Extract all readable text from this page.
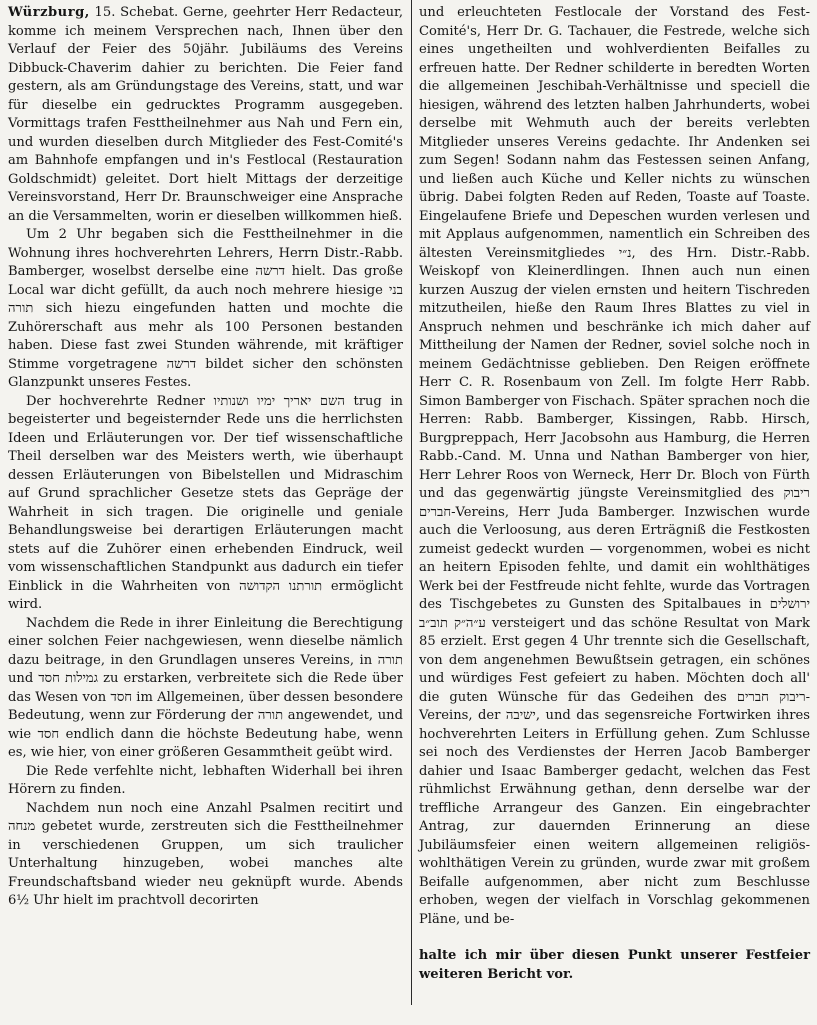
Würzburg, 15. Schebat. Gerne, geehrter Herr Redacteur, komme ich meinem Versprechen nach, Ihnen über den Verlauf der Feier des 50jähr. Jubiläums des Vereins Dibbuck-Chaverim dahier zu berichten. Die Feier fand gestern, als am Gründungstage des Vereins, statt, und war für dieselbe ein gedrucktes Programm ausgegeben. Vormittags trafen Festtheilnehmer aus Nah und Fern ein, und wurden dieselben durch Mitglieder des Fest-Comité's am Bahnhofe empfangen und in's Festlocal (Restauration Goldschmidt) geleitet. Dort hielt Mittags der derzeitige Vereinsvorstand, Herr Dr. Braunschweiger eine Ansprache an die Versammelten, worin er dieselben willkommen hieß.

Um 2 Uhr begaben sich die Festtheilnehmer in die Wohnung ihres hochverehrten Lehrers, Herrn Distr.-Rabb. Bamberger, woselbst derselbe eine דרשה hielt. Das große Local war dicht gefüllt, da auch noch mehrere hiesige בני תורה sich hiezu eingefunden hatten und mochte die Zuhörerschaft aus mehr als 100 Personen bestanden haben. Diese fast zwei Stunden währende, mit kräftiger Stimme vorgetragene דרשה bildet sicher den schönsten Glanzpunkt unseres Festes.

Der hochverehrte Redner השם יאריך ימיו ושנותיו trug in begeisterter und begeisternder Rede uns die herrlichsten Ideen und Erläuterungen vor. Der tief wissenschaftliche Theil derselben war des Meisters werth, wie überhaupt dessen Erläuterungen von Bibelstellen und Midraschim auf Grund sprachlicher Gesetze stets das Gepräge der Wahrheit in sich tragen. Die originelle und geniale Behandlungsweise bei derartigen Erläuterungen macht stets auf die Zuhörer einen erhebenden Eindruck, weil vom wissenschaftlichen Standpunkt aus dadurch ein tiefer Einblick in die Wahrheiten von תורתנו הקדושה ermöglicht wird.

Nachdem die Rede in ihrer Einleitung die Berechtigung einer solchen Feier nachgewiesen, wenn dieselbe nämlich dazu beitrage, in den Grundlagen unseres Vereins, in תורה und גמילות חסד zu erstarken, verbreitete sich die Rede über das Wesen von חסד im Allgemeinen, über dessen besondere Bedeutung, wenn zur Förderung der תורה angewendet, und wie חסד endlich dann die höchste Bedeutung habe, wenn es, wie hier, von einer größeren Gesammtheit geübt wird.

Die Rede verfehlte nicht, lebhaften Widerhall bei ihren Hörern zu finden.

Nachdem nun noch eine Anzahl Psalmen recitirt und מנחה gebetet wurde, zerstreuten sich die Festtheilnehmer in verschiedenen Gruppen, um sich traulicher Unterhaltung hinzugeben, wobei manches alte Freundschaftsband wieder neu geknüpft wurde. Abends 6½ Uhr hielt im prachtvoll decorirten

und erleuchteten Festlocale der Vorstand des Fest-Comité's, Herr Dr. G. Tachauer, die Festrede, welche sich eines ungetheilten und wohlverdienten Beifalles zu erfreuen hatte. Der Redner schilderte in beredten Worten die allgemeinen Jeschibah-Verhältnisse und speciell die hiesigen, während des letzten halben Jahrhunderts, wobei derselbe mit Wehmuth auch der bereits verlebten Mitglieder unseres Vereins gedachte. Ihr Andenken sei zum Segen! Sodann nahm das Festessen seinen Anfang, und ließen auch Küche und Keller nichts zu wünschen übrig. Dabei folgten Reden auf Reden, Toaste auf Toaste. Eingelaufene Briefe und Depeschen wurden verlesen und mit Applaus aufgenommen, namentlich ein Schreiben des ältesten Vereinsmitgliedes נ״י, des Hrn. Distr.-Rabb. Weiskopf von Kleinerdlingen. Ihnen auch nun einen kurzen Auszug der vielen ernsten und heitern Tischreden mitzutheilen, hieße den Raum Ihres Blattes zu viel in Anspruch nehmen und beschränke ich mich daher auf Mittheilung der Namen der Redner, soviel solche noch in meinem Gedächtnisse geblieben. Den Reigen eröffnete Herr C. R. Rosenbaum von Zell. Im folgte Herr Rabb. Simon Bamberger von Fischach. Später sprachen noch die Herren: Rabb. Bamberger, Kissingen, Rabb. Hirsch, Burgpreppach, Herr Jacobsohn aus Hamburg, die Herren Rabb.-Cand. M. Unna und Nathan Bamberger von hier, Herr Lehrer Roos von Werneck, Herr Dr. Bloch von Fürth und das gegenwärtig jüngste Vereinsmitglied des ריבוק חברים-Vereins, Herr Juda Bamberger. Inzwischen wurde auch die Verloosung, aus deren Erträgniß die Festkosten zumeist gedeckt wurden — vorgenommen, wobei es nicht an heitern Episoden fehlte, und damit ein wohlthätiges Werk bei der Festfreude nicht fehlte, wurde das Vortragen des Tischgebetes zu Gunsten des Spitalbaues in ירושלים ע״ה״ק תוב״ב versteigert und das schöne Resultat von Mark 85 erzielt. Erst gegen 4 Uhr trennte sich die Gesellschaft, von dem angenehmen Bewußtsein getragen, ein schönes und würdiges Fest gefeiert zu haben. Möchten doch all' die guten Wünsche für das Gedeihen des ריבוק חברים-Vereins, der ישיבה, und das segensreiche Fortwirken ihres hochverehrten Leiters in Erfüllung gehen. Zum Schlusse sei noch des Verdienstes der Herren Jacob Bamberger dahier und Isaac Bamberger gedacht, welchen das Fest rühmlichst Erwähnung gethan, denn derselbe war der treffliche Arrangeur des Ganzen. Ein eingebrachter Antrag, zur dauernden Erinnerung an diese Jubiläumsfeier einen weitern allgemeinen religiös-wohlthätigen Verein zu gründen, wurde zwar mit großem Beifalle aufgenommen, aber nicht zum Beschlusse erhoben, wegen der vielfach in Vorschlag gekommenen Pläne, und be-

halte ich mir über diesen Punkt unserer Festfeier weiteren Bericht vor.
